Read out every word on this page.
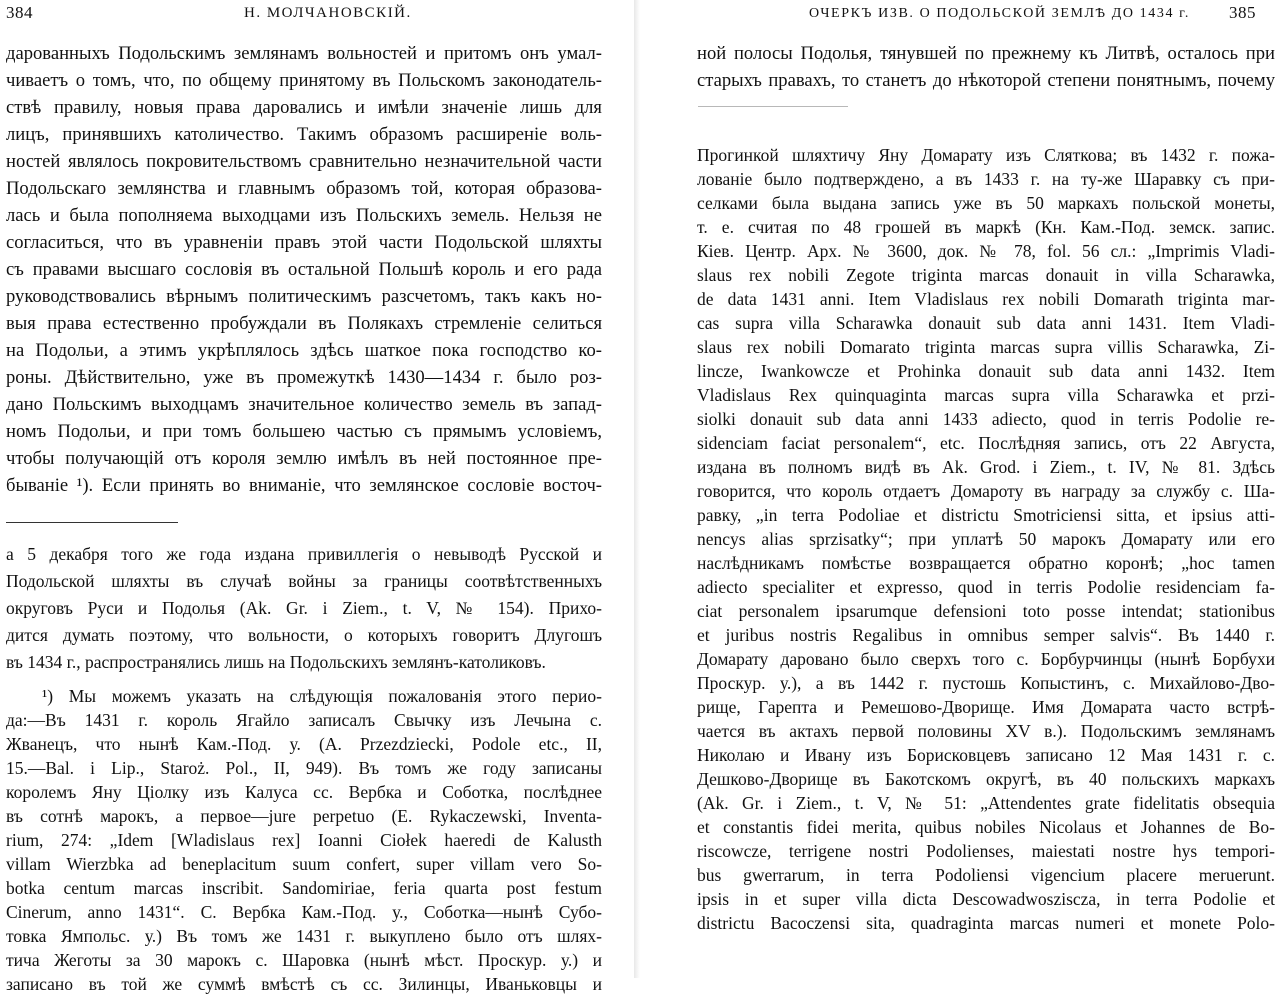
384	Н. МОЛЧАНОВСКІЙ.
дарованныхъ Подольскимъ землянамъ вольностей и притомъ онъ умал-
чиваетъ о томъ, что, по общему принятому въ Польскомъ законодатель-
ствѣ правилу, новыя права даровались и имѣли значеніе лишь для
лицъ, принявшихъ католичество. Такимъ образомъ расширеніе воль-
ностей являлось покровительствомъ сравнительно незначительной части
Подольскаго землянства и главнымъ образомъ той, которая образова-
лась и была пополняема выходцами изъ Польскихъ земель. Нельзя не
согласиться, что въ уравненіи правъ этой части Подольской шляхты
съ правами высшаго сословія въ остальной Польшѣ король и его рада
руководствовались вѣрнымъ политическимъ разсчетомъ, такъ какъ но-
выя права естественно пробуждали въ Полякахъ стремленіе селиться
на Подольи, а этимъ укрѣплялось здѣсь шаткое пока господство ко-
роны. Дѣйствительно, уже въ промежуткѣ 1430—1434 г. было роз-
дано Польскимъ выходцамъ значительное количество земель въ запад-
номъ Подольи, и при томъ большею частью съ прямымъ условіемъ,
чтобы получающій отъ короля землю имѣлъ въ ней постоянное пре-
бываніе ¹). Если принять во вниманіе, что землянское сословіе восточ-
а 5 декабря того же года издана привиллегія о невыводѣ Русской и
Подольской шляхты въ случаѣ войны за границы соотвѣтственныхъ
округовъ Руси и Подолья (Ak. Gr. i Ziem., t. V, № 154). Прихо-
дится думать поэтому, что вольности, о которыхъ говоритъ Длугошъ
въ 1434 г., распространялись лишь на Подольскихъ землянъ-католиковъ.
¹) Мы можемъ указать на слѣдующія пожалованія этого перио-
да:—Въ 1431 г. король Ягайло записалъ Свычку изъ Лечына с.
Жванецъ, что нынѣ Кам.-Под. у. (A. Przezdziecki, Podole etc., II,
15.—Bal. i Lip., Staroż. Pol., II, 949). Въ томъ же году записаны
королемъ Яну Ціолку изъ Калуса сс. Вербка и Соботка, послѣднее
въ сотнѣ марокъ, а первое—jure perpetuo (E. Rykaczewski, Inventa-
rium, 274: „Idem [Wladislaus rex] Ioanni Ciołek haeredi de Kalusth
villam Wierzbka ad beneplacitum suum confert, super villam vero So-
botka centum marcas inscribit. Sandomiriae, feria quarta post festum
Cinerum, anno 1431“. С. Вербка Кам.-Под. у., Соботка—нынѣ Субо-
товка Ямпольс. у.) Въ томъ же 1431 г. выкуплено было отъ шлях-
тича Жеготы за 30 марокъ с. Шаровка (нынѣ мѣст. Проскур. у.) и
записано въ той же суммѣ вмѣстѣ съ сс. Зилинцы, Иваньковцы и
ОЧЕРКЪ ИЗВ. О ПОДОЛЬСКОЙ ЗЕМЛѢ ДО 1434 г. 385
ной полосы Подолья, тянувшей по прежнему къ Литвѣ, осталось при
старыхъ правахъ, то станетъ до нѣкоторой степени понятнымъ, почему
Прогинкой шляхтичу Яну Домарату изъ Сляткова; въ 1432 г. пожа-
лованіе было подтверждено, а въ 1433 г. на ту-же Шаравку съ при-
селками была выдана запись уже въ 50 маркахъ польской монеты,
т. е. считая по 48 грошей въ маркѣ (Кн. Кам.-Под. земск. запис.
Кіев. Центр. Арх. № 3600, док. № 78, fol. 56 сл.: „Imprimis Vladi-
slaus rex nobili Zegote triginta marcas donauit in villa Scharawka,
de data 1431 anni. Item Vladislaus rex nobili Domarath triginta mar-
cas supra villa Scharawka donauit sub data anni 1431. Item Vladi-
slaus rex nobili Domarato triginta marcas supra villis Scharawka, Zi-
lincze, Iwankowcze et Prohinka donauit sub data anni 1432. Item
Vladislaus Rex quinquaginta marcas supra villa Scharawka et przi-
siolki donauit sub data anni 1433 adiecto, quod in terris Podolie re-
sidenciam faciat personalem“, etc. Послѣдняя запись, отъ 22 Августа,
издана въ полномъ видѣ въ Ak. Grod. i Ziem., t. IV, № 81. Здѣсь
говорится, что король отдаетъ Домароту въ награду за службу с. Ша-
равку, „in terra Podoliae et districtu Smotriciensi sitta, et ipsius atti-
nencys alias sprzisatky“; при уплатѣ 50 марокъ Домарату или его
наслѣдникамъ помѣстье возвращается обратно коронѣ; „hoc tamen
adiecto specialiter et expresso, quod in terris Podolie residenciam fa-
ciat personalem ipsarumque defensioni toto posse intendat; stationibus
et juribus nostris Regalibus in omnibus semper salvis“. Въ 1440 г.
Домарату даровано было сверхъ того с. Борбурчинцы (нынѣ Борбухи
Проскур. у.), а въ 1442 г. пустошь Копыстинъ, с. Михайлово-Дво-
рище, Гарепта и Ремешово-Дворище. Имя Домарата часто встрѣ-
чается въ актахъ первой половины XV в.). Подольскимъ землянамъ
Николаю и Ивану изъ Борисковцевъ записано 12 Мая 1431 г. с.
Дешково-Дворище въ Бакотскомъ округѣ, въ 40 польскихъ маркахъ
(Ak. Gr. i Ziem., t. V, № 51: „Attendentes grate fidelitatis obsequia
et constantis fidei merita, quibus nobiles Nicolaus et Johannes de Bo-
riscowcze, terrigene nostri Podolienses, maiestati nostre hys tempori-
bus gwerrarum, in terra Podoliensi vigencium placere meruerunt.
ipsis in et super villa dicta Descowadwoszisczа, in terra Podolie et
districtu Bacoczensi sita, quadraginta marcas numeri et monete Polo-
